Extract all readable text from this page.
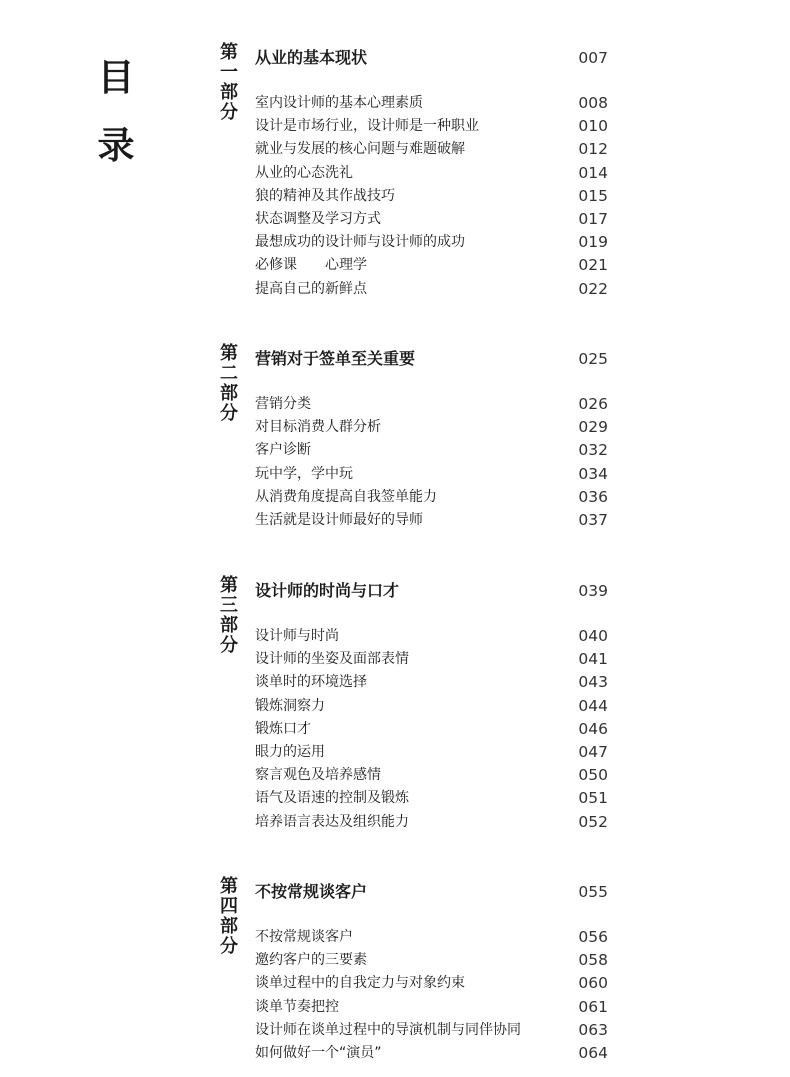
目
录
第
一
部
分
从业的基本现状	007
室内设计师的基本心理素质	008
设计是市场行业，设计师是一种职业	010
就业与发展的核心问题与难题破解	012
从业的心态洗礼	014
狼的精神及其作战技巧	015
状态调整及学习方式	017
最想成功的设计师与设计师的成功	019
必修课　　心理学	021
提高自己的新鲜点	022
第
二
部
分
营销对于签单至关重要	025
营销分类	026
对目标消费人群分析	029
客户诊断	032
玩中学，学中玩	034
从消费角度提高自我签单能力	036
生活就是设计师最好的导师	037
第
三
部
分
设计师的时尚与口才	039
设计师与时尚	040
设计师的坐姿及面部表情	041
谈单时的环境选择	043
锻炼洞察力	044
锻炼口才	046
眼力的运用	047
察言观色及培养感情	050
语气及语速的控制及锻炼	051
培养语言表达及组织能力	052
第
四
部
分
不按常规谈客户	055
不按常规谈客户	056
邀约客户的三要素	058
谈单过程中的自我定力与对象约束	060
谈单节奏把控	061
设计师在谈单过程中的导演机制与同伴协同	063
如何做好一个“演员”	064
